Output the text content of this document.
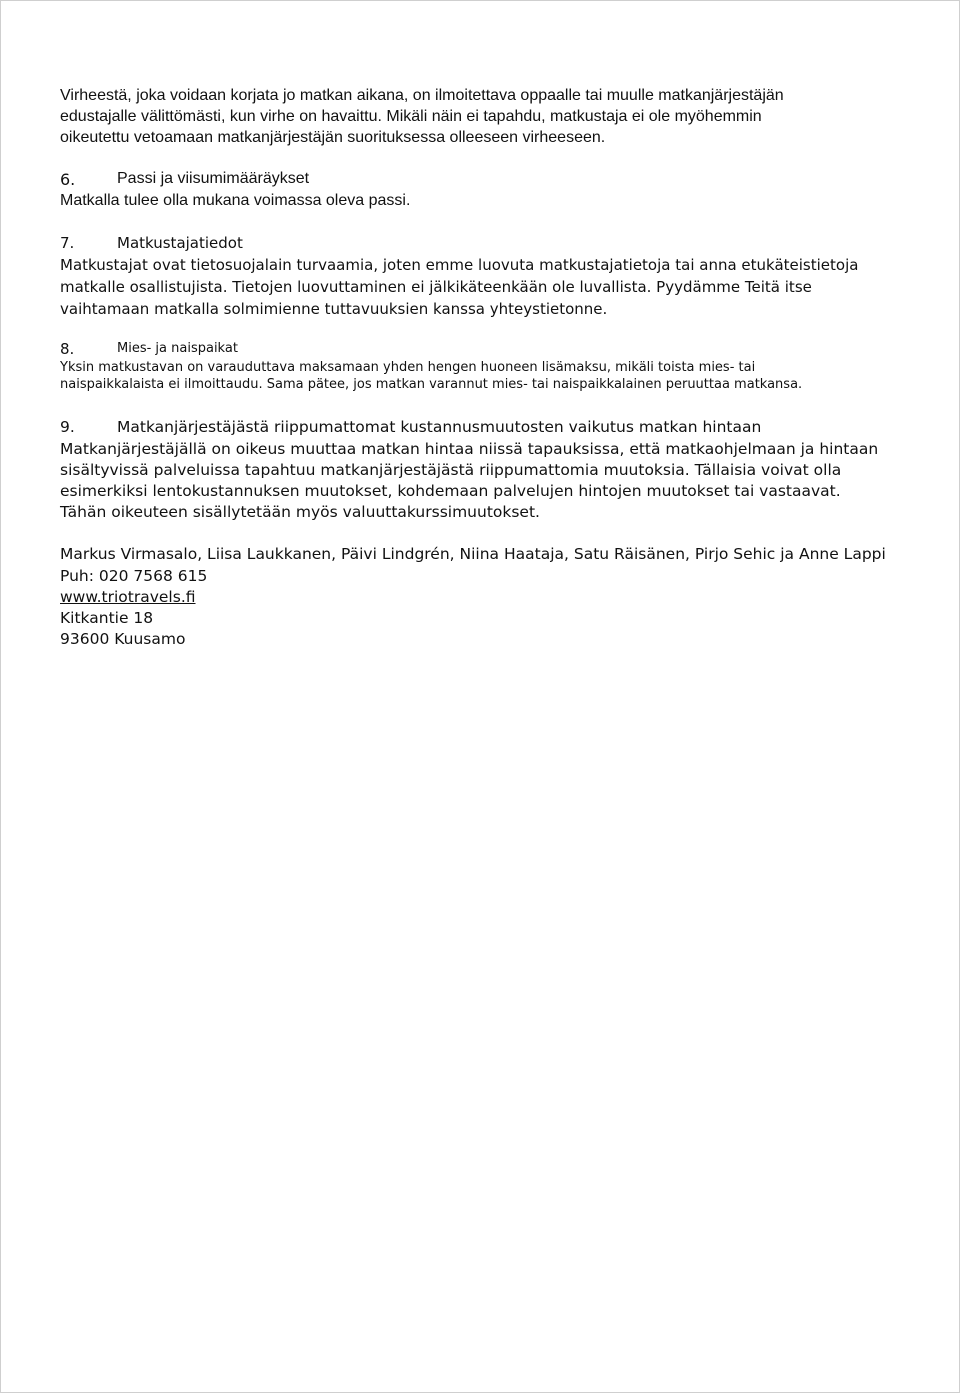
Virheestä, joka voidaan korjata jo matkan aikana, on ilmoitettava oppaalle tai muulle matkanjärjestäjän
edustajalle välittömästi, kun virhe on havaittu. Mikäli näin ei tapahdu, matkustaja ei ole myöhemmin
oikeutettu vetoamaan matkanjärjestäjän suorituksessa olleeseen virheeseen.
6.	Passi ja viisumimääräykset
Matkalla tulee olla mukana voimassa oleva passi.
7.	Matkustajatiedot
Matkustajat ovat tietosuojalain turvaamia, joten emme luovuta matkustajatietoja tai anna etukäteistietoja
matkalle osallistujista. Tietojen luovuttaminen ei jälkikäteenkään ole luvallista. Pyydämme Teitä itse
vaihtamaan matkalla solmimienne tuttavuuksien kanssa yhteystietonne.
8.	Mies- ja naispaikat
Yksin matkustavan on varauduttava maksamaan yhden hengen huoneen lisämaksu, mikäli toista mies- tai
naispaikkalaista ei ilmoittaudu. Sama pätee, jos matkan varannut mies- tai naispaikkalainen peruuttaa matkansa.
9.	Matkanjärjestäjästä riippumattomat kustannusmuutosten vaikutus matkan hintaan
Matkanjärjestäjällä on oikeus muuttaa matkan hintaa niissä tapauksissa, että matkaohjelmaan ja hintaan
sisältyvissä palveluissa tapahtuu matkanjärjestäjästä riippumattomia muutoksia. Tällaisia voivat olla
esimerkiksi lentokustannuksen muutokset, kohdemaan palvelujen hintojen muutokset tai vastaavat.
Tähän oikeuteen sisällytetään myös valuuttakurssimuutokset.
Markus Virmasalo, Liisa Laukkanen, Päivi Lindgrén, Niina Haataja, Satu Räisänen, Pirjo Sehic ja Anne Lappi
Puh: 020 7568 615
www.triotravels.fi
Kitkantie 18
93600 Kuusamo
